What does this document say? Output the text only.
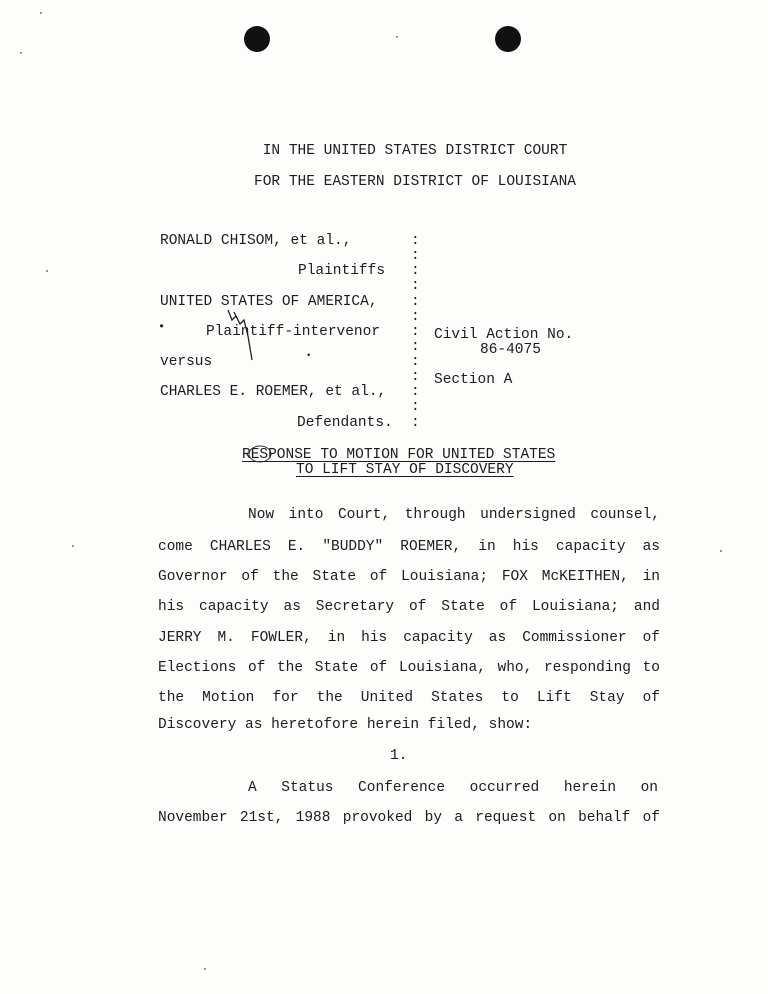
IN THE UNITED STATES DISTRICT COURT
FOR THE EASTERN DISTRICT OF LOUISIANA
RONALD CHISOM, et al.,
Plaintiffs
UNITED STATES OF AMERICA,
Plaintiff-intervenor
versus
CHARLES E. ROEMER, et al.,
Defendants.
•
•
:
:
:
:
:
:
:
:
:
:
:
:
:
Civil Action No.
86-4075
Section A
RESPONSE TO MOTION FOR UNITED STATES
TO LIFT STAY OF DISCOVERY
Now into Court, through undersigned counsel,
come CHARLES E. "BUDDY" ROEMER, in his capacity as
Governor of the State of Louisiana; FOX McKEITHEN, in
his capacity as Secretary of State of Louisiana; and
JERRY M. FOWLER, in his capacity as Commissioner of
Elections of the State of Louisiana, who, responding to
the Motion for the United States to Lift Stay of
Discovery as heretofore herein filed, show:
1.
A Status Conference occurred herein on
November 21st, 1988 provoked by a request on behalf of
